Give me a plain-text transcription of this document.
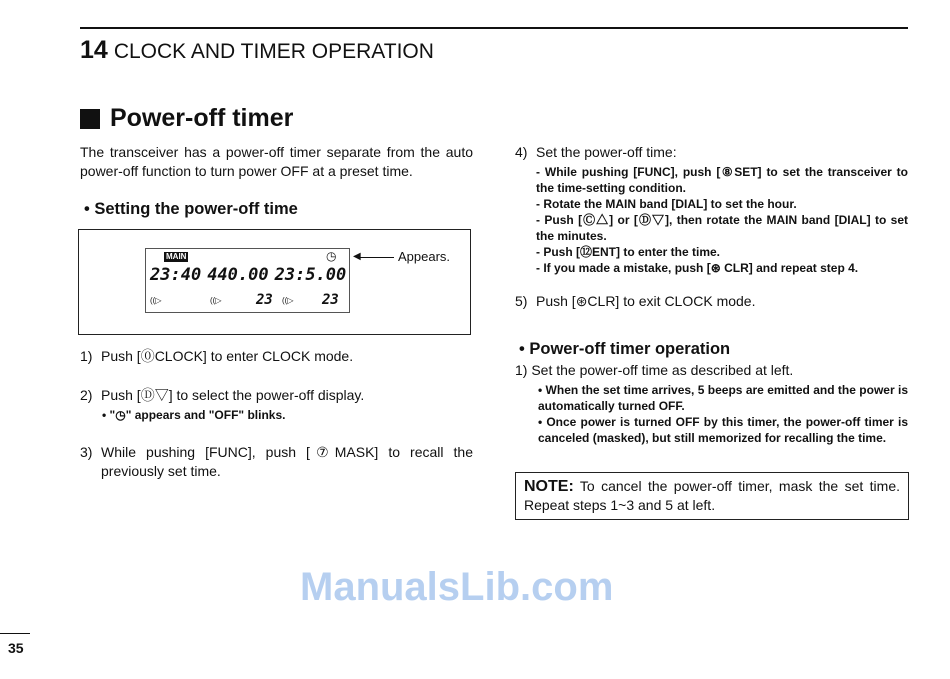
14 CLOCK AND TIMER OPERATION
Power-off timer
The transceiver has a power-off timer separate from the auto power-off function to turn power OFF at a preset time.
• Setting the power-off time
MAIN	◷
23:40 440.00 23:5.00
((▷	((▷ 23 ((▷ 23
◀	Appears.
1) Push [⓪CLOCK] to enter CLOCK mode.
2) Push [Ⓓ▽] to select the power-off display.
• "◷" appears and "OFF" blinks.
3) While pushing [FUNC], push [⑦MASK] to recall the previously set time.
4) Set the power-off time:
- While pushing [FUNC], push [⑧SET] to set the transceiver to the time-setting condition.
- Rotate the MAIN band [DIAL] to set the hour.
- Push [Ⓒ△] or [Ⓓ▽], then rotate the MAIN band [DIAL] to set the minutes.
- Push [⑫ENT] to enter the time.
- If you made a mistake, push [⊛ CLR] and repeat step 4.
5) Push [⊛CLR] to exit CLOCK mode.
• Power-off timer operation
1) Set the power-off time as described at left.
• When the set time arrives, 5 beeps are emitted and the power is automatically turned OFF.
• Once power is turned OFF by this timer, the power-off timer is canceled (masked), but still memorized for recalling the time.
NOTE: To cancel the power-off timer, mask the set time. Repeat steps 1~3 and 5 at left.
ManualsLib.com
35
